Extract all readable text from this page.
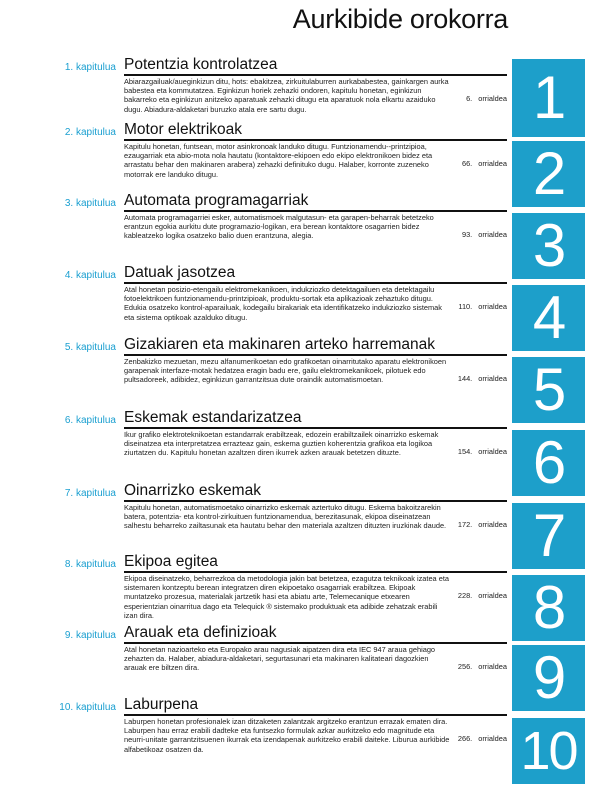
Aurkibide orokorra
1. kapitulua Potentzia kontrolatzea

Abiarazgailuak/aueginkizun ditu, hots: ebakitzea, zirkuitulaburren aurkababestea, gainkargen aurka babestea eta kommutatzea. Eginkizun horiek zehazki ondoren, kapitulu honetan, eginkizun bakarreko eta eginkizun anitzeko aparatuak zehazki ditugu eta aparatuok nola elkartu azaiduko dugu. Abiadura-aldaketari buruzko atala ere sartu dugu.

6. orrialdea 1
2. kapitulua Motor elektrikoak

Kapitulu honetan, funtsean, motor asinkronoak landuko ditugu. Funtzionamendu--printzipioa, ezaugarriak eta abio-mota nola hautatu (kontaktore-ekipoen edo ekipo elektronikoen bidez eta arrastatu behar den makinaren arabera) zehazki definituko dugu. Halaber, korronte zuzeneko motorrak ere landuko ditugu.

66. orrialdea 2
3. kapitulua Automata programagarriak

Automata programagarriei esker, automatismoek malgutasun- eta garapen-beharrak betetzeko erantzun egokia aurkitu dute programazio-logikan, era berean kontaktore osagarrien bidez kableatzeko logika osatzeko balio duen erantzuna, alegia.	93. orrialdea 3
4. kapitulua Datuak jasotzea

Atal honetan posizio-etengailu elektromekanikoen, indukziozko detektagailuen eta detektagailu fotoelektrikoen funtzionamendu-printzipioak, produktu-sortak eta aplikazioak zehaztuko ditugu. Edukia osatzeko kontrol-aparailuak, kodegailu birakariak eta identifikatzeko indukziozko sistemak eta sistema optikoak azalduko ditugu.

110. orrialdea 4
5. kapitulua Gizakiaren eta makinaren arteko harremanak

Zenbakizko mezuetan, mezu alfanumerikoetan edo grafikoetan oinarritutako aparatu elektronikoen garapenak interfaze-motak hedatzea eragin badu ere, gailu elektromekanikoek, pilotuek edo pultsadoreek, adibidez, eginkizun garrantzitsua dute oraindik automatismoetan.	144. orrialdea 5
6. kapitulua Eskemak estandarizatzea

Ikur grafiko elektroteknikoetan estandarrak erabiltzeak, edozein erabiltzailek oinarrizko eskemak diseinatzea eta interpretatzea errazteaz gain, eskema guztien koherentzia grafikoa eta logikoa ziurtatzen du. Kapitulu honetan azaltzen diren ikurrek azken arauak betetzen dituzte.	154. orrialdea 6
7. kapitulua Oinarrizko eskemak

Kapitulu honetan, automatismoetako oinarrizko eskemak aztertuko ditugu. Eskema bakoitzarekin batera, potentzia- eta kontrol-zirkuituen funtzionamendua, berezitasunak, ekipoa diseinatzean salhestu beharreko zailtasunak eta hautatu behar den materiala azaltzen dituzten iruzkinak daude.	172. orrialdea 7
8. kapitulua Ekipoa egitea

Ekipoa diseinatzeko, beharrezkoa da metodologia jakin bat betetzea, ezagutza teknikoak izatea eta sistemaren kontzeptu berean integratzen diren ekipoetako osagarriak erabiltzea. Ekipoak muntatzeko prozesua, materialak jartzetik hasi eta abiatu arte, Telemecanique etxearen esperientzian oinarritua dago eta Telequick ® sistemako produktuak eta adibide zehatzak erabili izan dira.

228. orrialdea 8
9. kapitulua Arauak eta definizioak

Atal honetan nazioarteko eta Europako arau nagusiak aipatzen dira eta IEC 947 araua gehiago zehazten da. Halaber, abiadura-aldaketari, segurtasunari eta makinaren kalitateari dagozkien arauak ere biltzen dira.	256. orrialdea 9
10. kapitulua Laburpena

Laburpen honetan profesionalek izan ditzaketen zalantzak argitzeko erantzun errazak ematen dira. Laburpen hau erraz erabili dadteke eta funtsezko formulak azkar aurkitzeko edo magnitude eta neurri-unitate garrantzitsuenen ikurrak eta izendapenak aurkitzeko erabili daiteke. Liburua aurkibide alfabetikoaz osatzen da.

266. orrialdea 10
